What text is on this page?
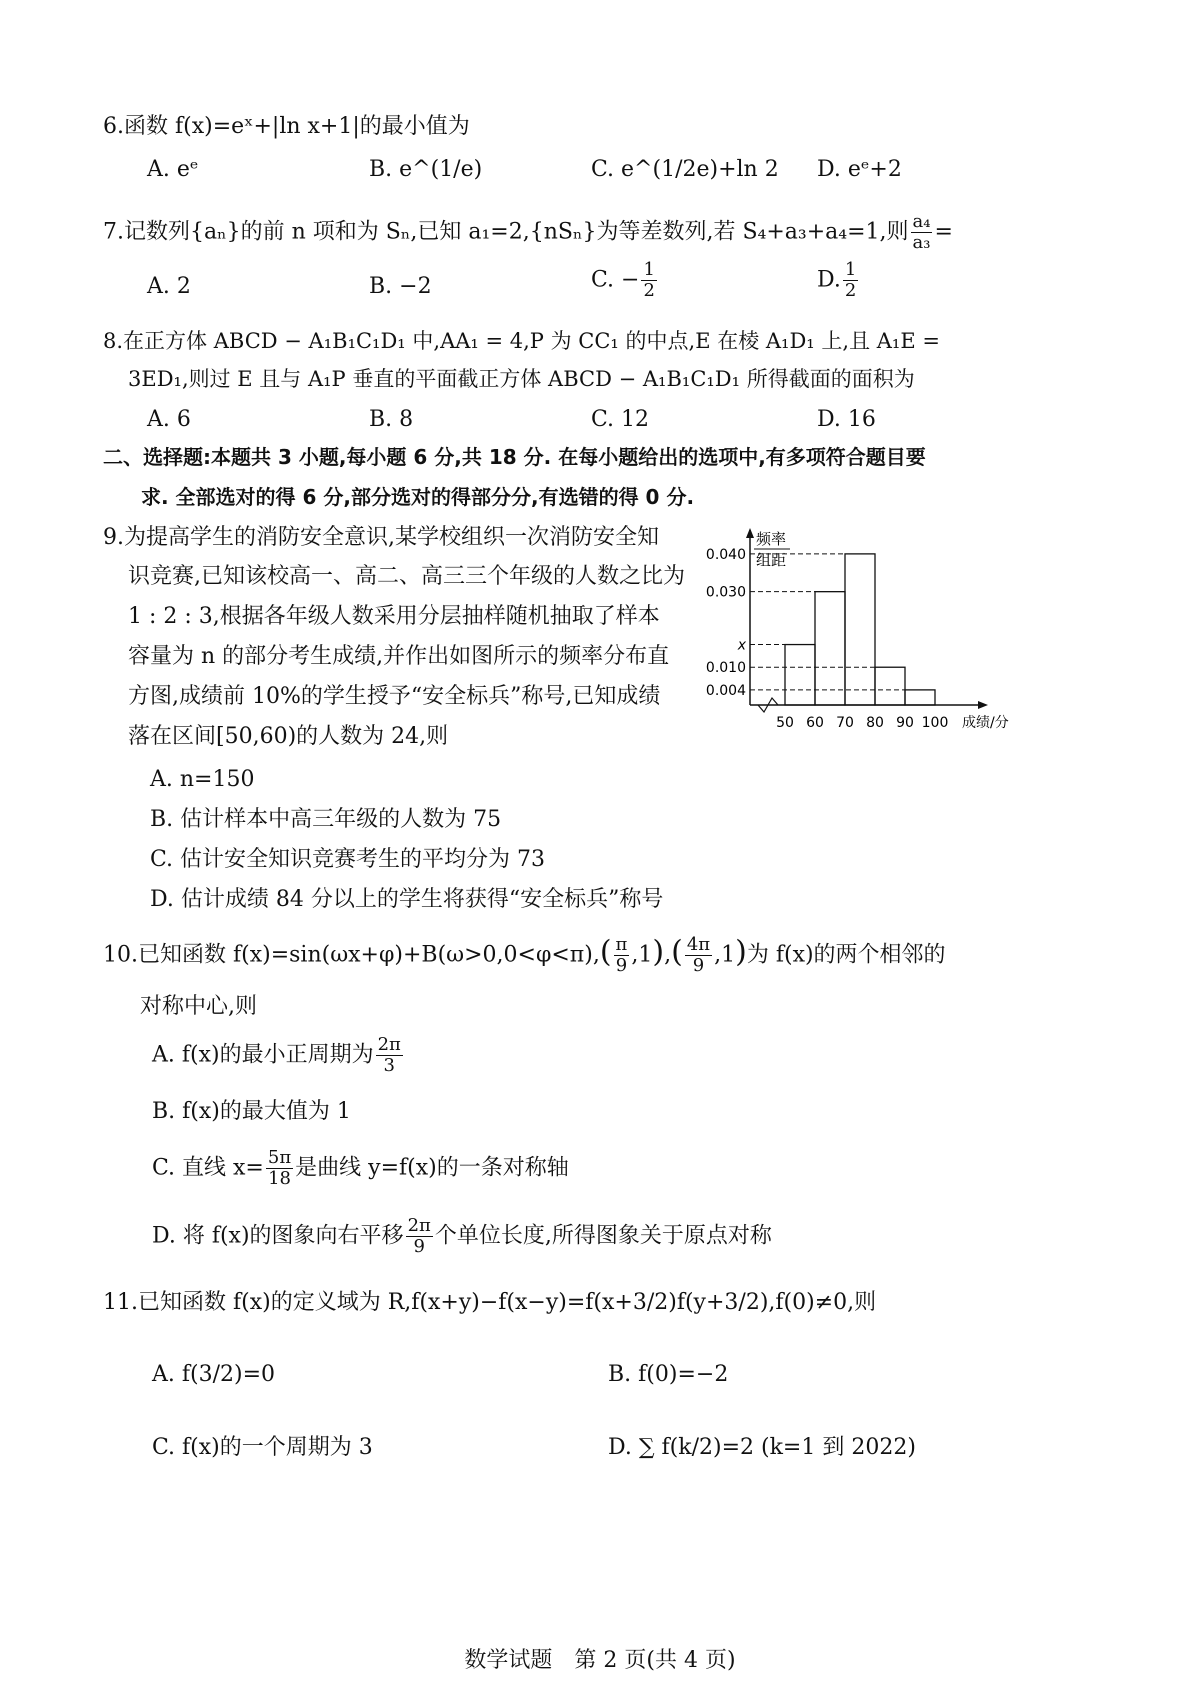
6.函数 f(x)=eˣ+|ln x+1|的最小值为
A. eᵉ	B. e^(1/e)	C. e^(1/2e)+ln 2 D. eᵉ+2
7.记数列{aₙ}的前 n 项和为 Sₙ,已知 a₁=2,{nSₙ}为等差数列,若 S₄+a₃+a₄=1,则 $\frac{\text{a₄}}{\text{a₃}}$ =
A. 2	B. −2	C. − $\frac{1}{2}$	D. $\frac{1}{2}$
8.在正方体 ABCD − A₁B₁C₁D₁ 中,AA₁ = 4,P 为 CC₁ 的中点,E 在棱 A₁D₁ 上,且 A₁E =
3ED₁,则过 E 且与 A₁P 垂直的平面截正方体 ABCD − A₁B₁C₁D₁ 所得截面的面积为
A. 6	B. 8	C. 12	D. 16
二、选择题:本题共 3 小题,每小题 6 分,共 18 分. 在每小题给出的选项中,有多项符合题目要
求. 全部选对的得 6 分,部分选对的得部分分,有选错的得 0 分.
9.为提高学生的消防安全意识,某学校组织一次消防安全知
识竞赛,已知该校高一、高二、高三三个年级的人数之比为
1 : 2 : 3,根据各年级人数采用分层抽样随机抽取了样本
容量为 n 的部分考生成绩,并作出如图所示的频率分布直
方图,成绩前 10%的学生授予“安全标兵”称号,已知成绩
落在区间[50,60)的人数为 24,则
A. n=150
B. 估计样本中高三年级的人数为 75
C. 估计安全知识竞赛考生的平均分为 73
D. 估计成绩 84 分以上的学生将获得“安全标兵”称号
频率
组距
0.040
0.030
x
0.010
0.004
50 60 70 80 90 100 成绩/分
10.已知函数 $f(x)=\sin(\omega x+\varphi)+B(\omega>0,0<\varphi<\pi),( \frac{\pi}{9} ,1),( \frac{4\pi}{9} ,1)$为 f(x)的两个相邻的
对称中心,则
A. f(x)的最小正周期为 $\frac{2\pi}{3}$
B. f(x)的最大值为 1
C. 直线 $x= \frac{5\pi}{18}$ 是曲线 y=f(x)的一条对称轴
D. 将 f(x)的图象向右平移 $\frac{2\pi}{9}$ 个单位长度,所得图象关于原点对称
11.已知函数 f(x)的定义域为 R,f(x+y)−f(x−y)=f(x+3/2)f(y+3/2),f(0)≠0,则
A. f(3/2)=0	B. f(0)=−2
C. f(x)的一个周期为 3	D. ∑ f(k/2)=2 (k=1 到 2022)
数学试题　第 2 页(共 4 页)
